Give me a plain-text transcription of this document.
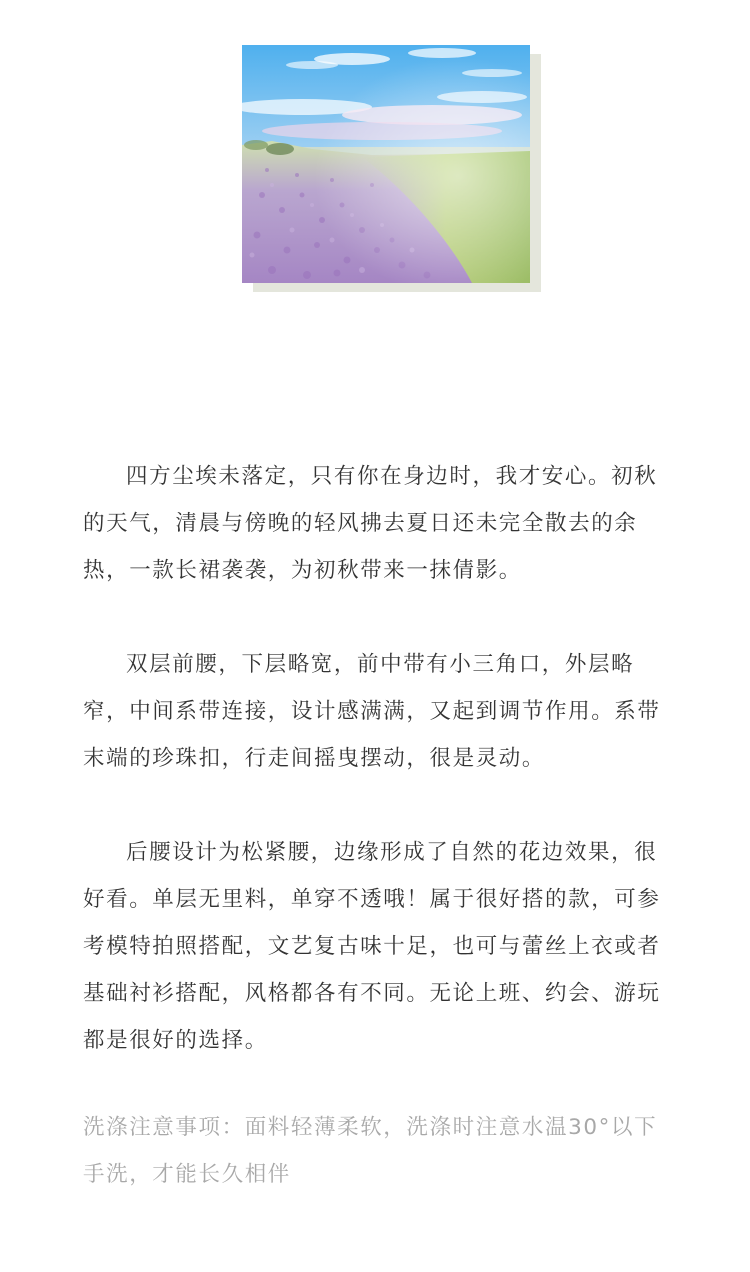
四方尘埃未落定，只有你在身边时，我才安心。初秋的天气，清晨与傍晚的轻风拂去夏日还未完全散去的余热，一款长裙袭袭，为初秋带来一抹倩影。

双层前腰，下层略宽，前中带有小三角口，外层略窄，中间系带连接，设计感满满，又起到调节作用。系带末端的珍珠扣，行走间摇曳摆动，很是灵动。

后腰设计为松紧腰，边缘形成了自然的花边效果，很好看。单层无里料，单穿不透哦！属于很好搭的款，可参考模特拍照搭配，文艺复古味十足，也可与蕾丝上衣或者基础衬衫搭配，风格都各有不同。无论上班、约会、游玩都是很好的选择。

洗涤注意事项：面料轻薄柔软，洗涤时注意水温30°以下手洗，才能长久相伴
